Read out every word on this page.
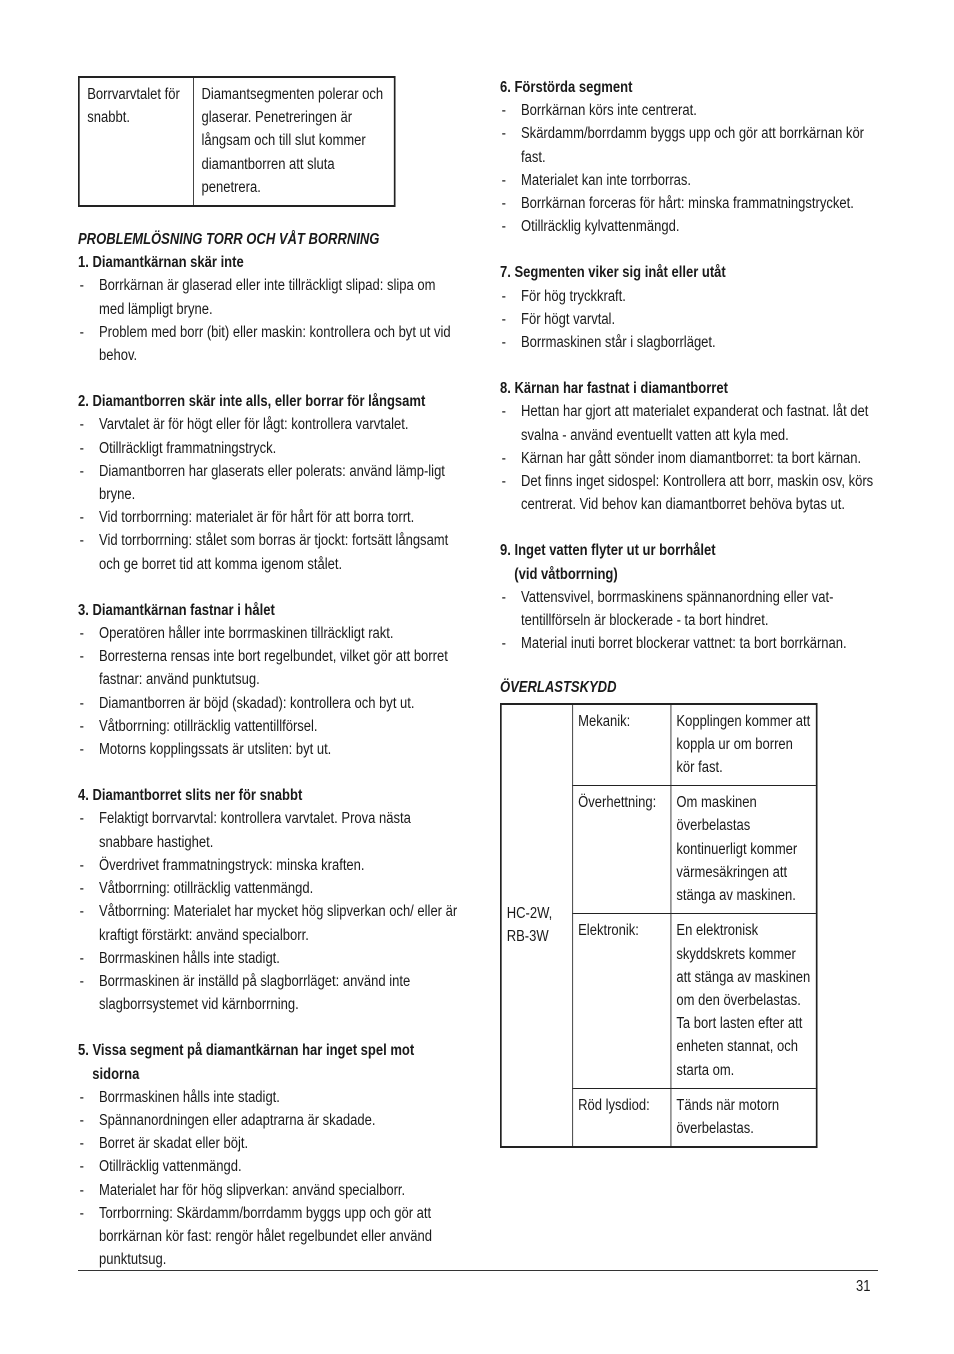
Borrvarvtalet för snabbt.	Diamantsegmenten polerar och glaserar. Penetreringen är långsam och till slut kommer diamantborren att sluta penetrera.
PROBLEMLÖSNING TORR OCH VÅT BORRNING
1. Diamantkärnan skär inte
- Borrkärnan är glaserad eller inte tillräckligt slipad: slipa om med lämpligt bryne.
- Problem med borr (bit) eller maskin: kontrollera och byt ut vid behov.
2. Diamantborren skär inte alls, eller borrar för långsamt
- Varvtalet är för högt eller för lågt: kontrollera varvtalet.
- Otillräckligt frammatningstryck.
- Diamantborren har glaserats eller polerats: använd lämp-ligt bryne.
- Vid torrborrning: materialet är för hårt för att borra torrt.
- Vid torrborrning: stålet som borras är tjockt: fortsätt långsamt och ge borret tid att komma igenom stålet.
3. Diamantkärnan fastnar i hålet
- Operatören håller inte borrmaskinen tillräckligt rakt.
- Borresterna rensas inte bort regelbundet, vilket gör att borret fastnar: använd punktutsug.
- Diamantborren är böjd (skadad): kontrollera och byt ut.
- Våtborrning: otillräcklig vattentillförsel.
- Motorns kopplingssats är utsliten: byt ut.
4. Diamantborret slits ner för snabbt
- Felaktigt borrvarvtal: kontrollera varvtalet. Prova nästa snabbare hastighet.
- Överdrivet frammatningstryck: minska kraften.
- Våtborrning: otillräcklig vattenmängd.
- Våtborrning: Materialet har mycket hög slipverkan och/ eller är kraftigt förstärkt: använd specialborr.
- Borrmaskinen hålls inte stadigt.
- Borrmaskinen är inställd på slagborrläget: använd inte slagborrsystemet vid kärnborrning.
5. Vissa segment på diamantkärnan har inget spel mot
sidorna
- Borrmaskinen hålls inte stadigt.
- Spännanordningen eller adaptrarna är skadade.
- Borret är skadat eller böjt.
- Otillräcklig vattenmängd.
- Materialet har för hög slipverkan: använd specialborr.
- Torrborrning: Skärdamm/borrdamm byggs upp och gör att borrkärnan kör fast: rengör hålet regelbundet eller använd punktutsug.
6. Förstörda segment
- Borrkärnan körs inte centrerat.
- Skärdamm/borrdamm byggs upp och gör att borrkärnan kör fast.
- Materialet kan inte torrborras.
- Borrkärnan forceras för hårt: minska frammatningstrycket.
- Otillräcklig kylvattenmängd.
7. Segmenten viker sig inåt eller utåt
- För hög tryckkraft.
- För högt varvtal.
- Borrmaskinen står i slagborrläget.
8. Kärnan har fastnat i diamantborret
- Hettan har gjort att materialet expanderat och fastnat. låt det svalna - använd eventuellt vatten att kyla med.
- Kärnan har gått sönder inom diamantborret: ta bort kärnan.
- Det finns inget sidospel: Kontrollera att borr, maskin osv, körs centrerat. Vid behov kan diamantborret behöva bytas ut.
9. Inget vatten flyter ut ur borrhålet
(vid våtborrning)
- Vattensvivel, borrmaskinens spännanordning eller vat-tentillförseln är blockerade - ta bort hindret.
- Material inuti borret blockerar vattnet: ta bort borrkärnan.
ÖVERLASTSKYDD
HC-2W, RB-3W	Mekanik:	Kopplingen kommer att koppla ur om borren kör fast.
	Överhettning:	Om maskinen överbelastas kontinuerligt kommer värmesäkringen att stänga av maskinen.
	Elektronik:	En elektronisk skyddskrets kommer att stänga av maskinen om den överbelastas. Ta bort lasten efter att enheten stannat, och starta om.
	Röd lysdiod:	Tänds när motorn överbelastas.
31
